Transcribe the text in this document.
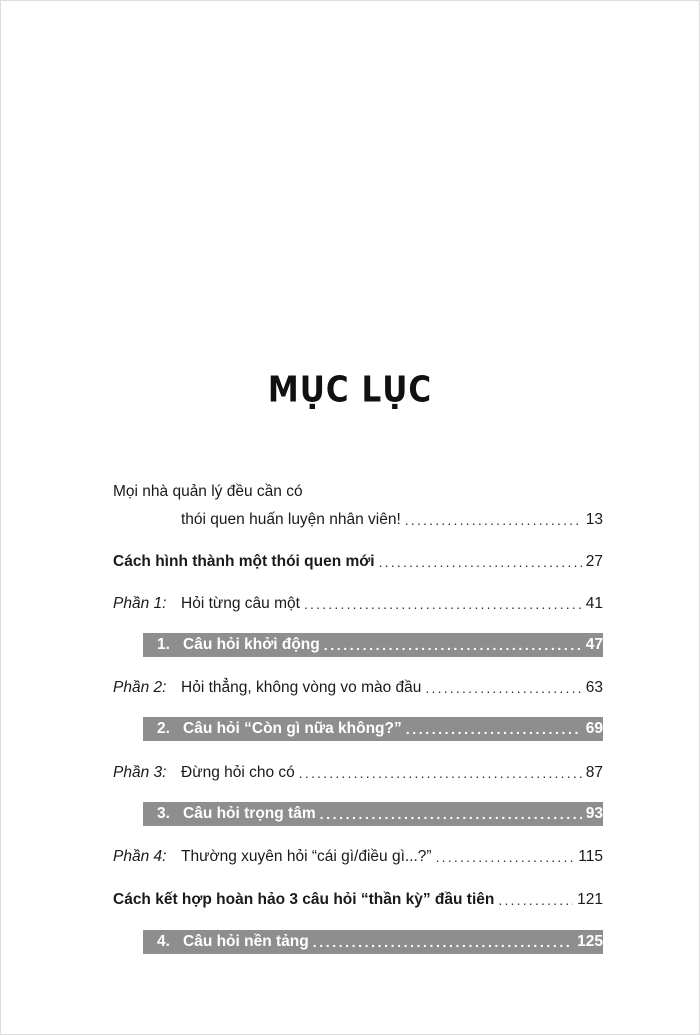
MỤC LỤC
Mọi nhà quản lý đều cần có
thói quen huấn luyện nhân viên! .....	13
Cách hình thành một thói quen mới .....	27
Phần 1: Hỏi từng câu một .....	41
1. Câu hỏi khởi động .....	47
Phần 2: Hỏi thẳng, không vòng vo mào đầu .....	63
2. Câu hỏi “Còn gì nữa không?” .....	69
Phần 3: Đừng hỏi cho có .....	87
3. Câu hỏi trọng tâm .....	93
Phần 4: Thường xuyên hỏi “cái gì/điều gì...?” .....	115
Cách kết hợp hoàn hảo 3 câu hỏi “thần kỳ” đầu tiên .....	121
4. Câu hỏi nền tảng .....	125
